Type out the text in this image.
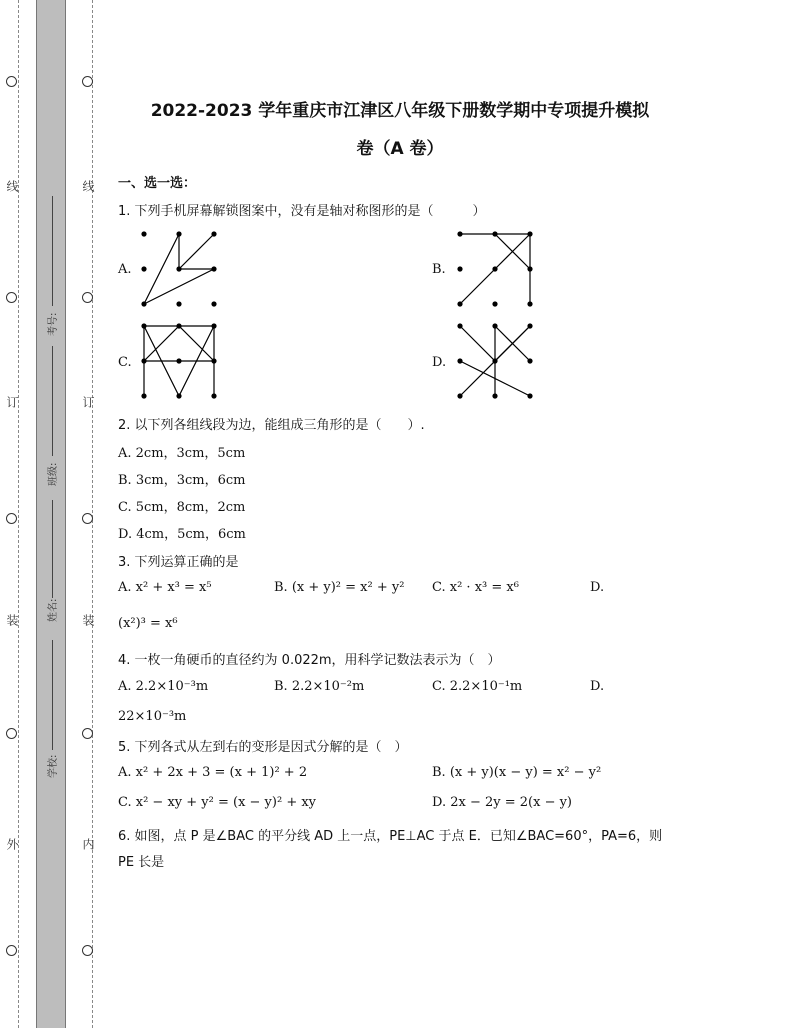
线
订
装
外
线
订
装
内
考号:
班级:
姓名:
学校:
2022-2023 学年重庆市江津区八年级下册数学期中专项提升模拟
卷（A 卷）
一、选一选：
1. 下列手机屏幕解锁图案中，没有是轴对称图形的是（　　　）
A.	B.
C.	D.
2. 以下列各组线段为边，能组成三角形的是（　　）.
A. 2cm，3cm，5cm
B. 3cm，3cm，6cm
C. 5cm，8cm，2cm
D. 4cm，5cm，6cm
3. 下列运算正确的是
A. x² + x³ = x⁵	B. (x + y)² = x² + y² C. x² · x³ = x⁶	D.
(x²)³ = x⁶
4. 一枚一角硬币的直径约为 0.022m，用科学记数法表示为（　）
A. 2.2×10⁻³m	B. 2.2×10⁻²m	C. 2.2×10⁻¹m	D.
22×10⁻³m
5. 下列各式从左到右的变形是因式分解的是（　）
A. x² + 2x + 3 = (x + 1)² + 2	B. (x + y)(x − y) = x² − y²
C. x² − xy + y² = (x − y)² + xy	D. 2x − 2y = 2(x − y)
6. 如图，点 P 是∠BAC 的平分线 AD 上一点，PE⊥AC 于点 E．已知∠BAC=60°，PA=6，则
PE 长是
